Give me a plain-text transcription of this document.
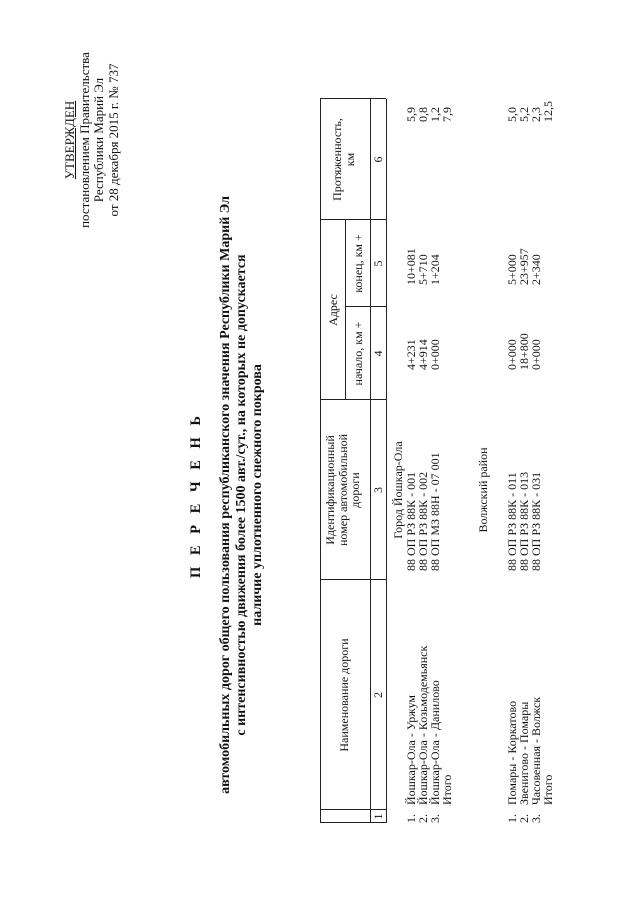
УТВЕРЖДЕН постановлением Правительства Республики Марий Эл от 28 декабря 2015 г. № 737
П Е Р Е Ч Е Н Ь автомобильных дорог общего пользования республиканского значения Республики Марий Эл с интенсивностью движения более 1500 авт./сут., на которых не допускается наличие уплотненного снежного покрова
Наименование дороги
Идентификационный
номер автомобильной
дороги
Адрес
начало, км +
конец, км +
Протяженность,
км
1
2
3
4
5
6
Город Йошкар-Ола
1.
2.
3.
Йошкар-Ола - Уржум
Йошкар-Ола - Козьмодемьянск
Йошкар-Ола - Данилово
Итого
88 ОП РЗ 88К - 001
88 ОП РЗ 88К - 002
88 ОП МЗ 88Н - 07 001
4+231
4+914
0+000
10+081
5+710
1+204
5,9
0,8
1,2
7,9
Волжский район
1.
2.
3.
Помары - Коркатово
Звенигово - Помары
Часовенная - Волжск
Итого
88 ОП РЗ 88К - 011
88 ОП РЗ 88К - 013
88 ОП РЗ 88К - 031
0+000
18+800
0+000
5+000
23+957
2+340
5,0
5,2
2,3
12,5
